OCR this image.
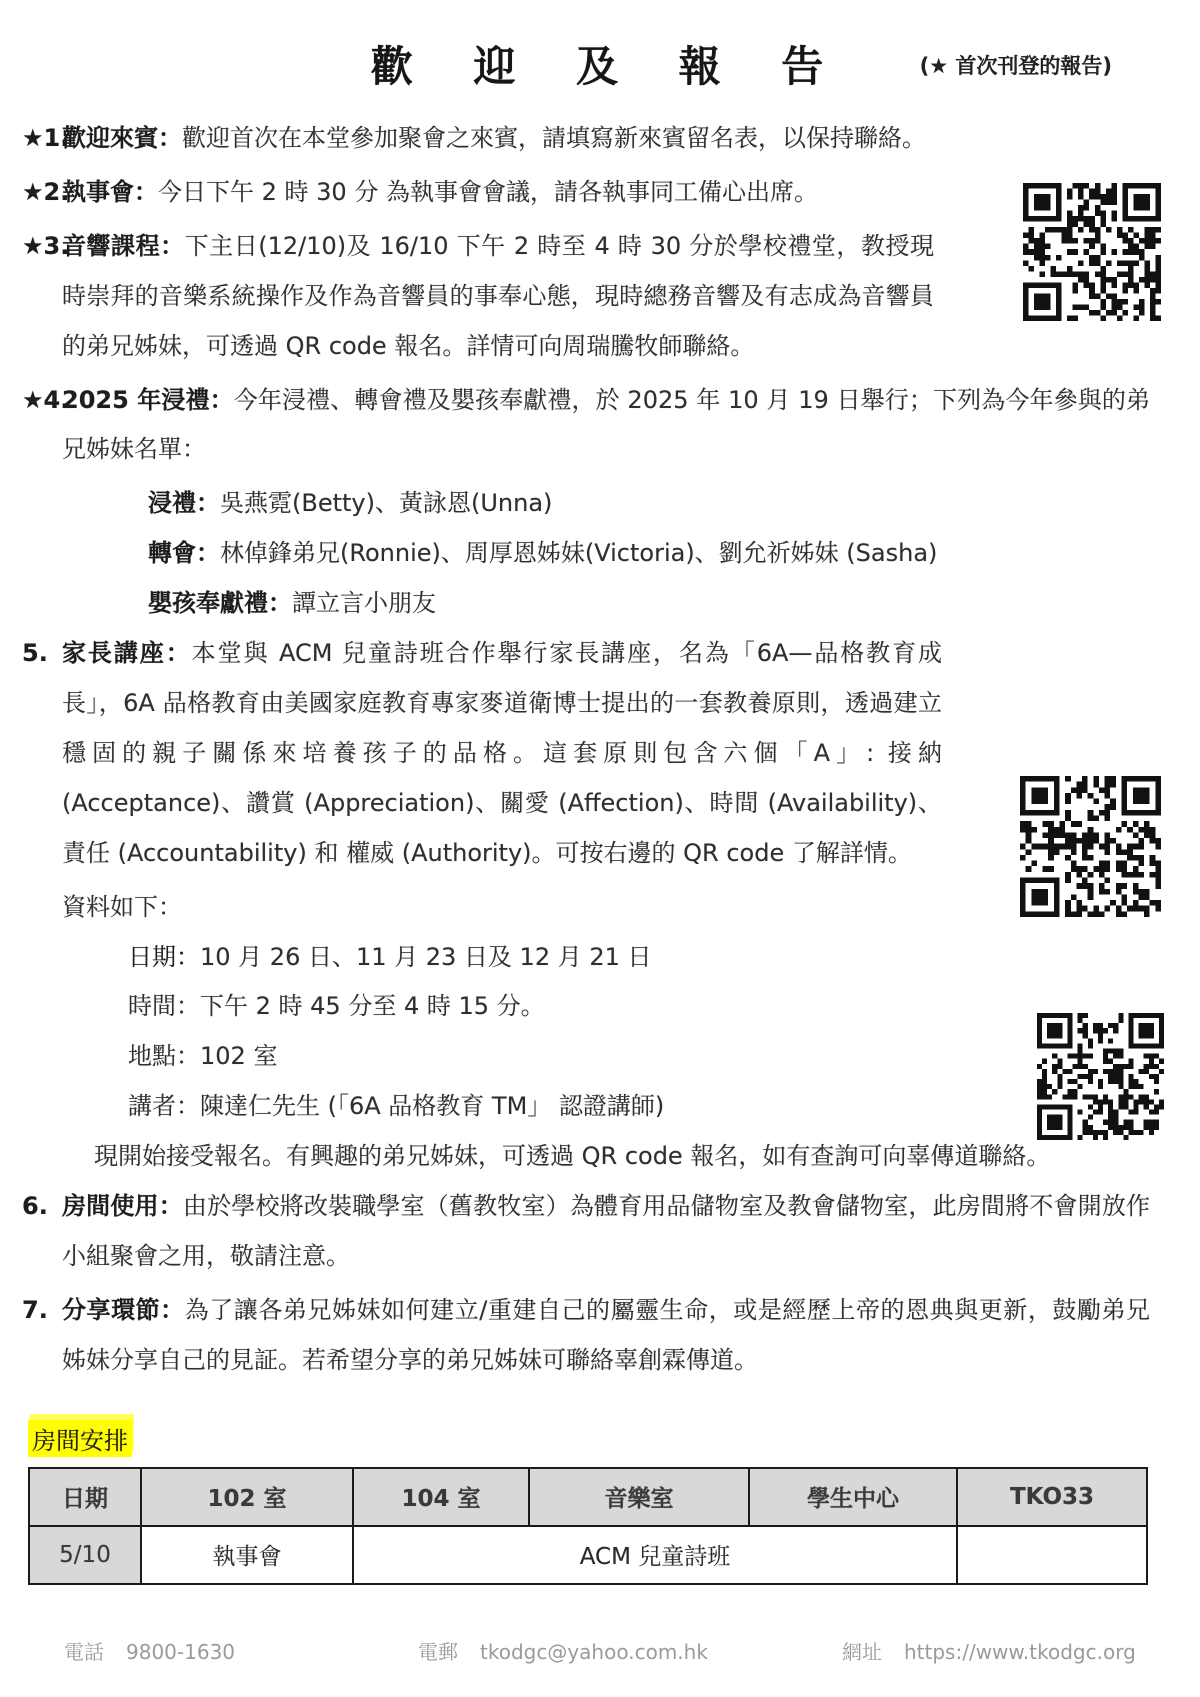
歡 迎 及 報 告	(★ 首次刊登的報告)
★1.
歡迎來賓：歡迎首次在本堂參加聚會之來賓，請填寫新來賓留名表，以保持聯絡。
★2.
執事會：今日下午 2 時 30 分 為執事會會議，請各執事同工備心出席。
★3.
音響課程：下主日(12/10)及 16/10 下午 2 時至 4 時 30 分於學校禮堂，教授現時崇拜的音樂系統操作及作為音響員的事奉心態，現時總務音響及有志成為音響員的弟兄姊妹，可透過 QR code 報名。詳情可向周瑞騰牧師聯絡。
★4.
2025 年浸禮：今年浸禮、轉會禮及嬰孩奉獻禮，於 2025 年 10 月 19 日舉行；下列為今年參與的弟兄姊妹名單：
浸禮：吳燕霓(Betty)、黃詠恩(Unna)
轉會：林倬鋒弟兄(Ronnie)、周厚恩姊妹(Victoria)、劉允祈姊妹 (Sasha)
嬰孩奉獻禮：譚立言小朋友
5. 家長講座：本堂與 ACM 兒童詩班合作舉行家長講座，名為「6A—品格教育成長」，6A 品格教育由美國家庭教育專家麥道衛博士提出的一套教養原則，透過建立穩固的親子關係來培養孩子的品格。這套原則包含六個「A」: 接納 (Acceptance)、讚賞 (Appreciation)、關愛 (Affection)、時間 (Availability)、責任 (Accountability) 和 權威 (Authority)。可按右邊的 QR code 了解詳情。
資料如下：
日期：10 月 26 日、11 月 23 日及 12 月 21 日
時間：下午 2 時 45 分至 4 時 15 分。
地點：102 室
講者：陳達仁先生 (「6A 品格教育 TM」 認證講師)
現開始接受報名。有興趣的弟兄姊妹，可透過 QR code 報名，如有查詢可向辜傳道聯絡。
6. 房間使用：由於學校將改裝職學室（舊教牧室）為體育用品儲物室及教會儲物室，此房間將不會開放作小組聚會之用，敬請注意。
7. 分享環節：為了讓各弟兄姊妹如何建立/重建自己的屬靈生命，或是經歷上帝的恩典與更新，鼓勵弟兄姊妹分享自己的見証。若希望分享的弟兄姊妹可聯絡辜創霖傳道。
房間安排
日期	102 室	104 室	音樂室	學生中心	TKO33
5/10	執事會	ACM 兒童詩班			
電話 9800-1630	電郵 tkodgc@yahoo.com.hk	網址 https://www.tkodgc.org
